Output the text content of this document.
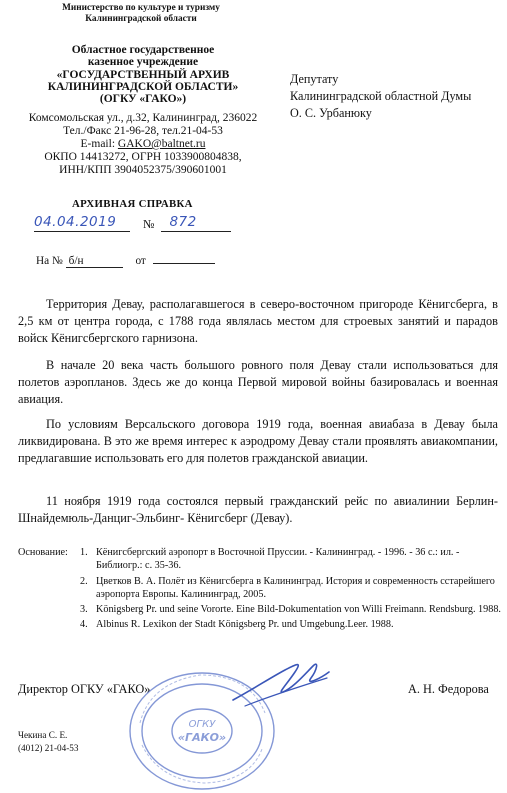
Министерство по культуре и туризму
Калининградской области
Областное государственное
казенное учреждение
«ГОСУДАРСТВЕННЫЙ АРХИВ
КАЛИНИНГРАДСКОЙ ОБЛАСТИ»
(ОГКУ «ГАКО»)
Комсомольская ул., д.32, Калининград, 236022
Тел./Факс 21-96-28, тел.21-04-53
E-mail: GAKO@baltnet.ru
ОКПО 14413272, ОГРН 1033900804838,
ИНН/КПП 3904052375/390601001
Депутату
Калининградской областной Думы
О. С. Урбанюку
АРХИВНАЯ СПРАВКА
04.04.2019 № 872
На № б/н	от
Территория Девау, располагавшегося в северо-восточном пригороде Кёнигсберга, в 2,5 км от центра города, с 1788 года являлась местом для строевых занятий и парадов войск Кёнигсбергского гарнизона.
В начале 20 века часть большого ровного поля Девау стали использоваться для полетов аэропланов. Здесь же до конца Первой мировой войны базировалась и военная авиация.
По условиям Версальского договора 1919 года, военная авиабаза в Девау была ликвидирована. В это же время интерес к аэродрому Девау стали проявлять авиакомпании, предлагавшие использовать его для полетов гражданской авиации.
11 ноября 1919 года состоялся первый гражданский рейс по авиалинии Берлин-Шнайдемюль-Данциг-Эльбинг- Кёнигсберг (Девау).
Основание: 1. Кёнигсбергский аэропорт в Восточной Пруссии. - Калининград. - 1996. - 36 с.: ил. - Библиогр.: с. 35-36.
2. Цветков В. А. Полёт из Кёнигсберга в Калининград. История и современность сстарейшего аэропорта Европы. Калининград, 2005.
3. Königsberg Pr. und seine Vororte. Eine Bild-Dokumentation von Willi Freimann. Rendsburg. 1988.
4. Albinus R. Lexikon der Stadt Königsberg Pr. und Umgebung.Leer. 1988.
ОГКУ
«ГАКО»
Директор ОГКУ «ГАКО»	А. Н. Федорова
Чекина С. Е.
(4012) 21-04-53
